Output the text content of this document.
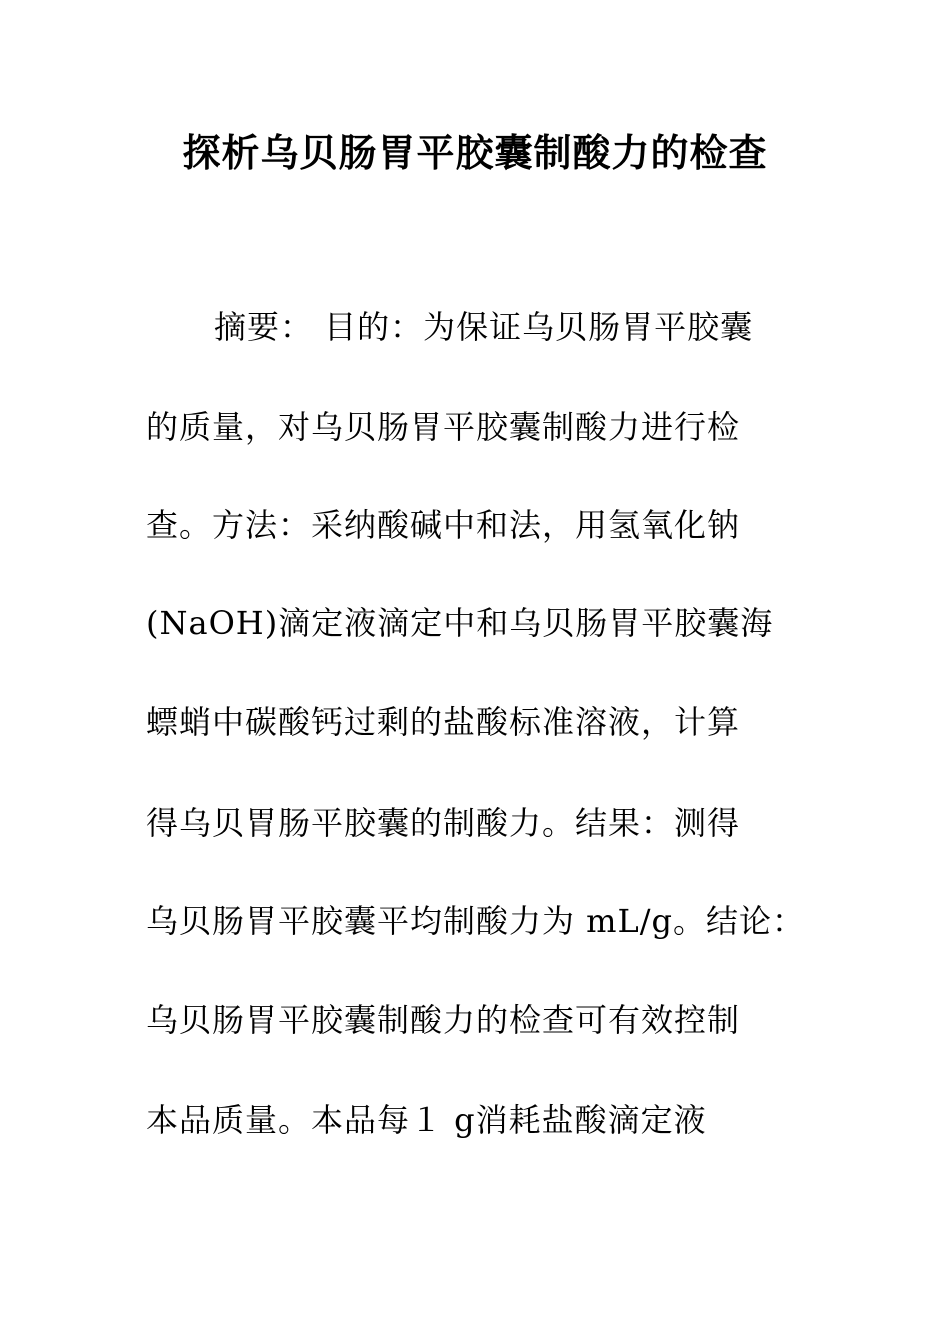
探析乌贝肠胃平胶囊制酸力的检查

摘要： 目的：为保证乌贝肠胃平胶囊

的质量，对乌贝肠胃平胶囊制酸力进行检

查。方法：采纳酸碱中和法，用氢氧化钠

(NaOH)滴定液滴定中和乌贝肠胃平胶囊海

螵蛸中碳酸钙过剩的盐酸标准溶液，计算

得乌贝胃肠平胶囊的制酸力。结果：测得

乌贝肠胃平胶囊平均制酸力为 mL/g。结论：

乌贝肠胃平胶囊制酸力的检查可有效控制

本品质量。本品每１ g消耗盐酸滴定液
